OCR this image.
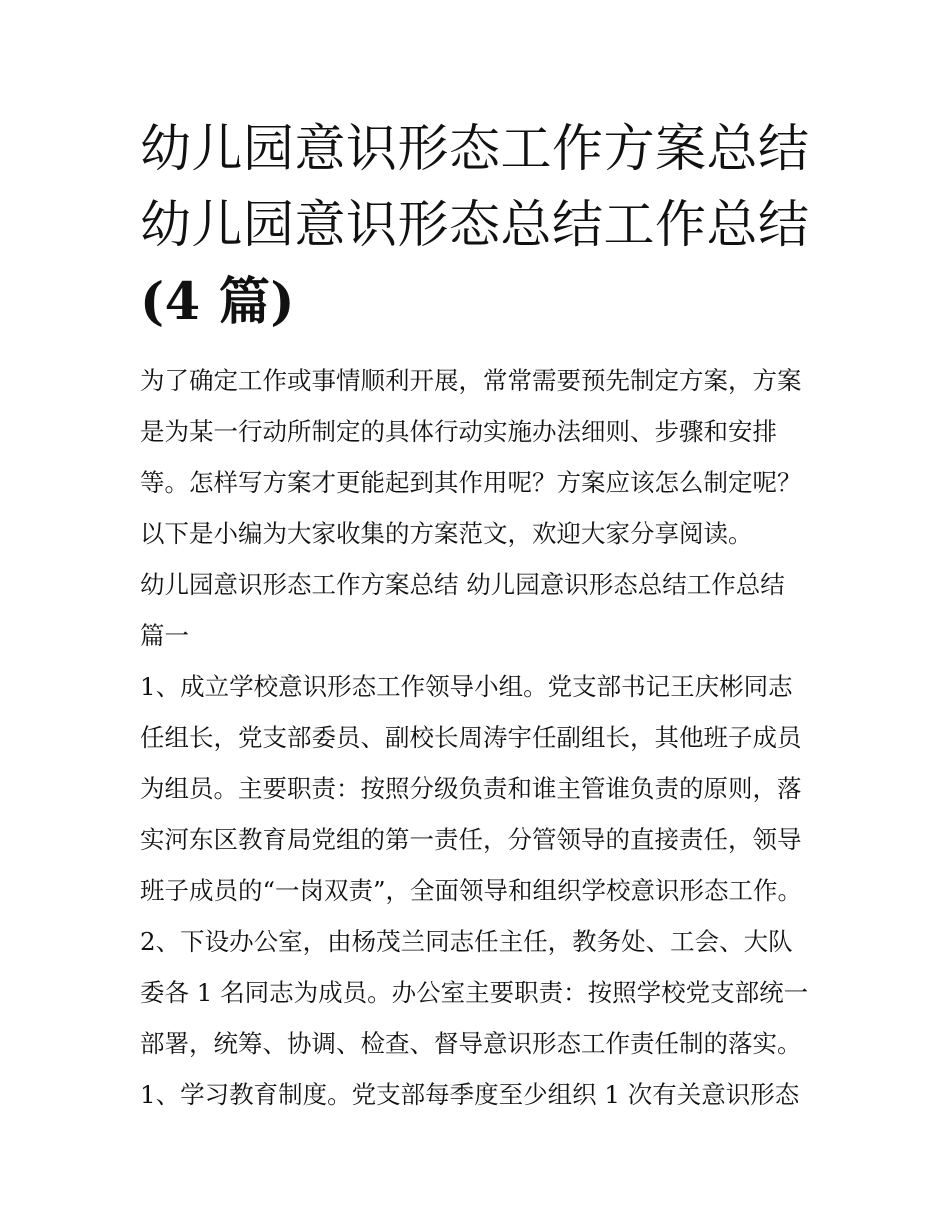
幼儿园意识形态工作方案总结
幼儿园意识形态总结工作总结
(4 篇)
为了确定工作或事情顺利开展，常常需要预先制定方案，方案
是为某一行动所制定的具体行动实施办法细则、步骤和安排
等。怎样写方案才更能起到其作用呢？方案应该怎么制定呢？
以下是小编为大家收集的方案范文，欢迎大家分享阅读。
幼儿园意识形态工作方案总结 幼儿园意识形态总结工作总结
篇一
1、成立学校意识形态工作领导小组。党支部书记王庆彬同志
任组长，党支部委员、副校长周涛宇任副组长，其他班子成员
为组员。主要职责：按照分级负责和谁主管谁负责的原则，落
实河东区教育局党组的第一责任，分管领导的直接责任，领导
班子成员的“一岗双责”，全面领导和组织学校意识形态工作。
2、下设办公室，由杨茂兰同志任主任，教务处、工会、大队
委各 1 名同志为成员。办公室主要职责：按照学校党支部统一
部署，统筹、协调、检查、督导意识形态工作责任制的落实。
1、学习教育制度。党支部每季度至少组织 1 次有关意识形态
